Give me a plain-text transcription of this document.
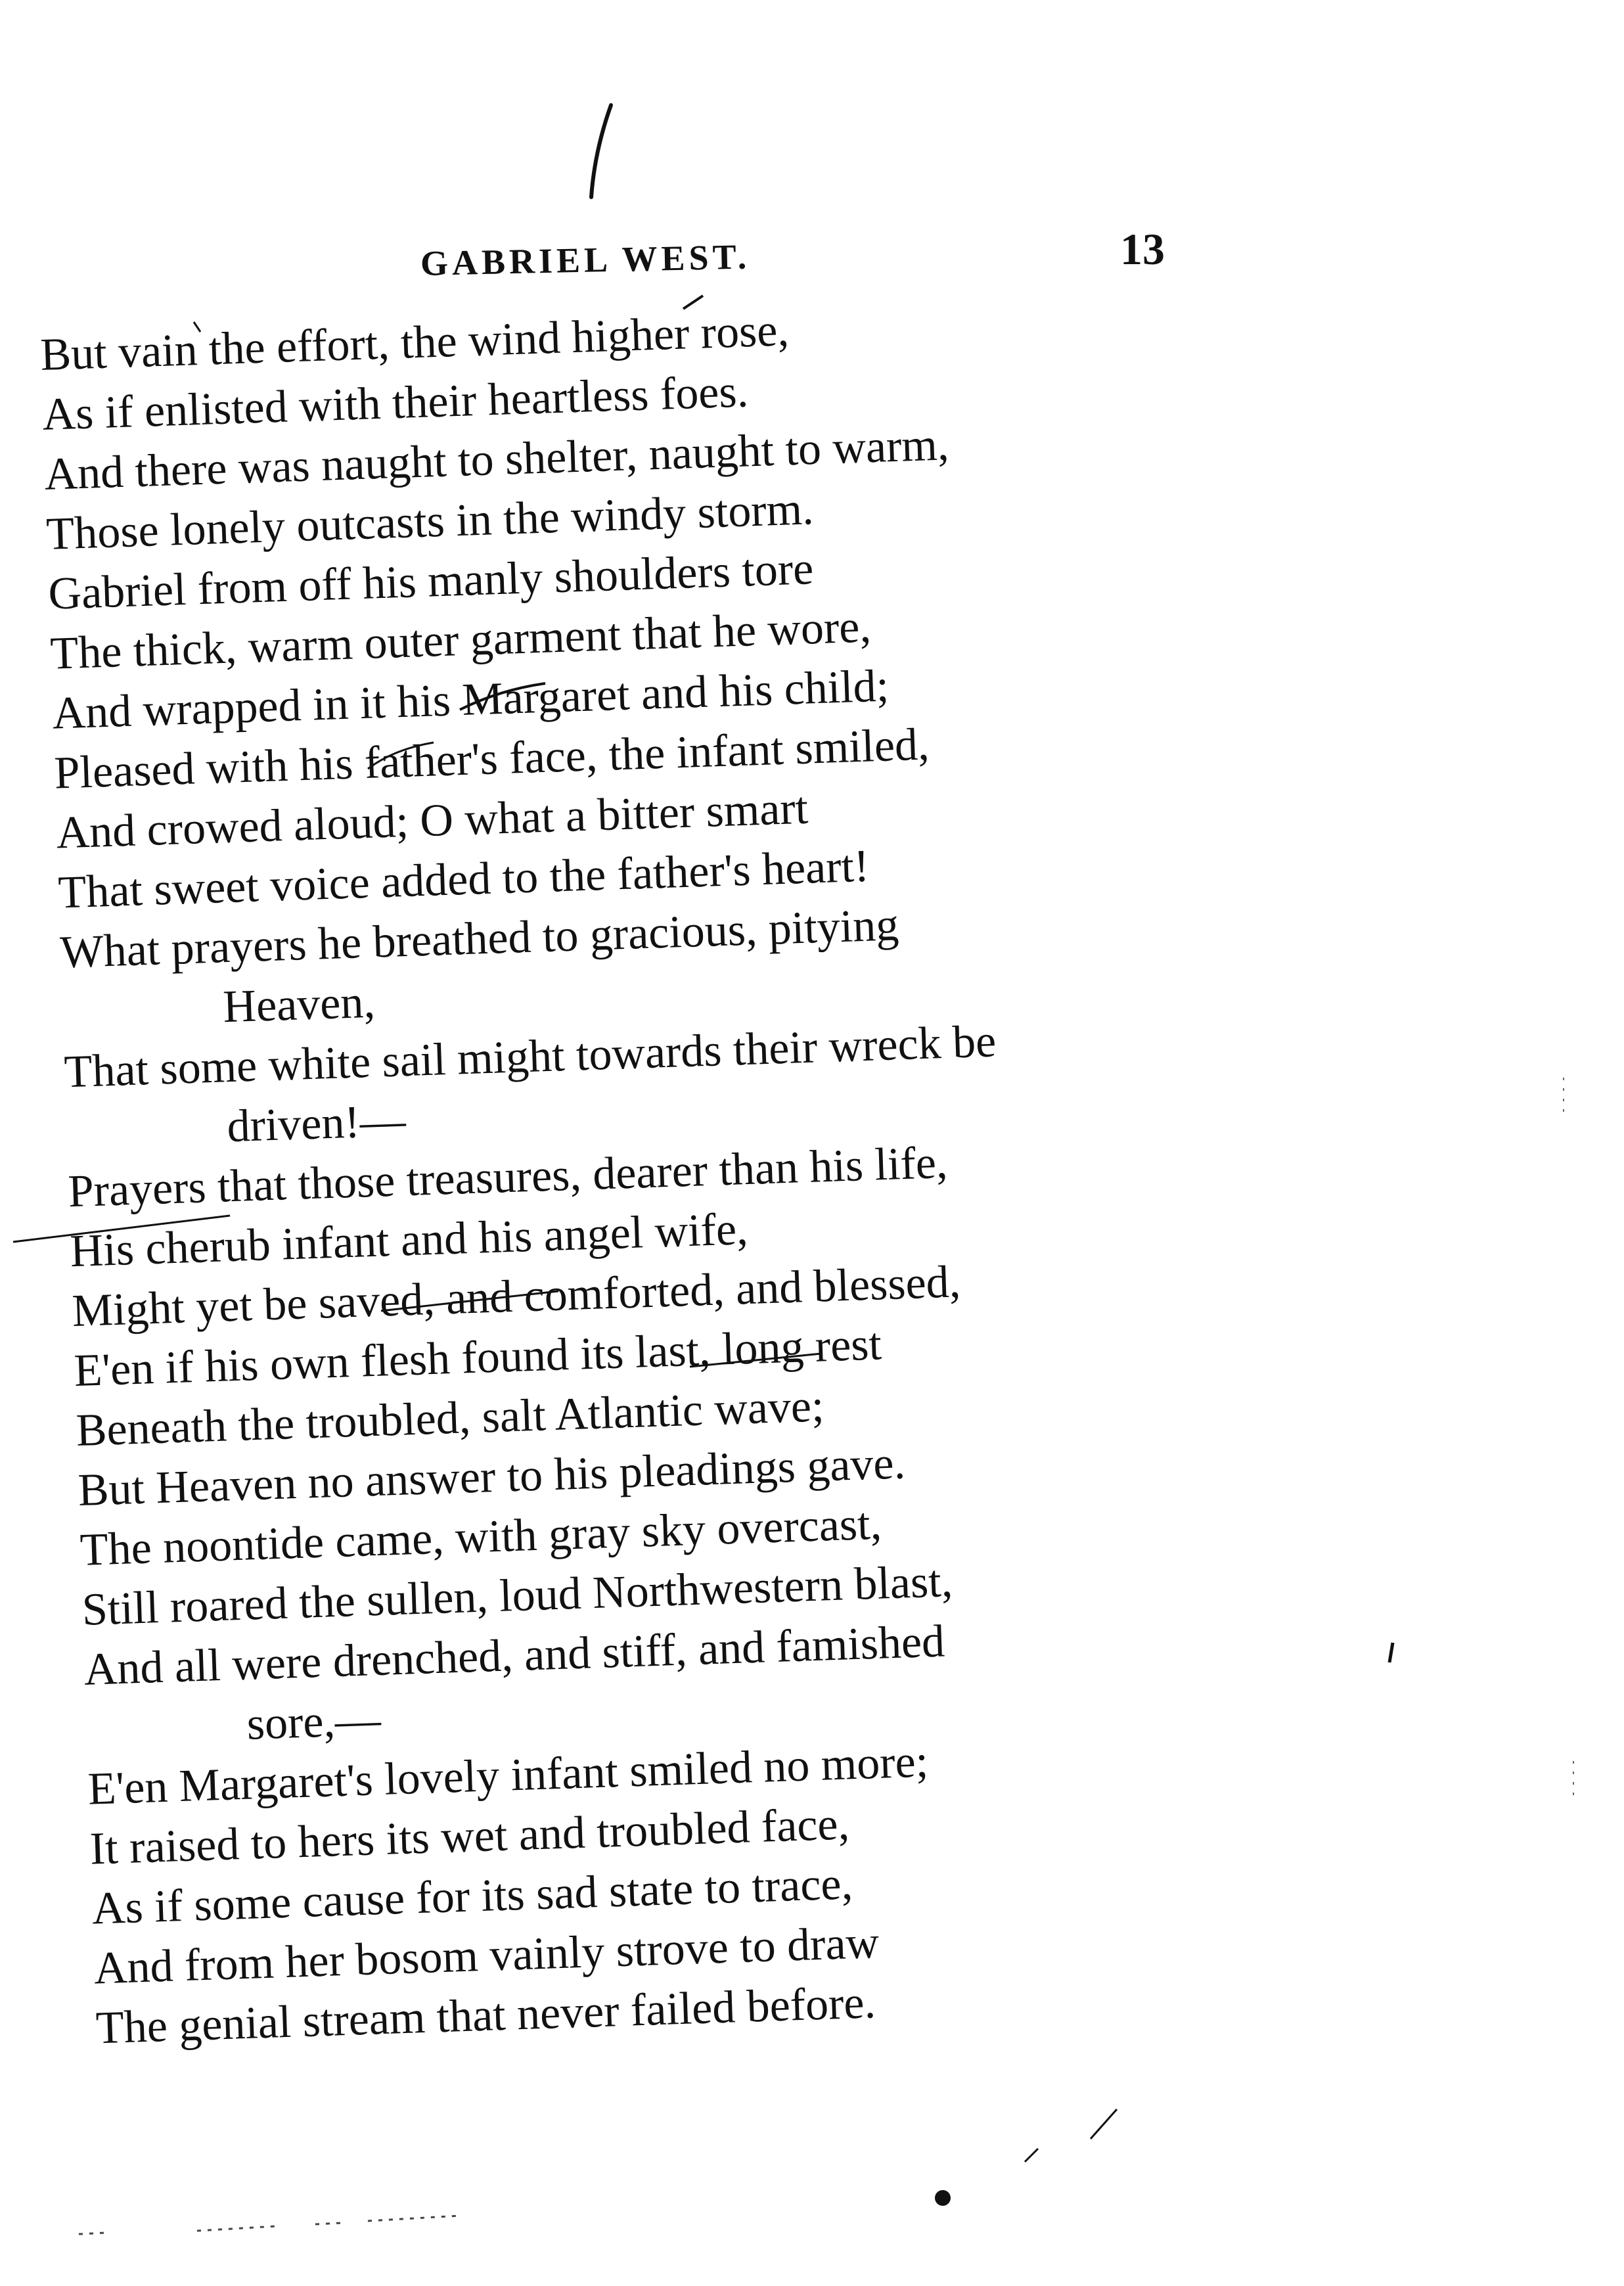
GABRIEL WEST.	13
But vain the effort, the wind higher rose,
As if enlisted with their heartless foes.
And there was naught to shelter, naught to warm,
Those lonely outcasts in the windy storm.
Gabriel from off his manly shoulders tore
The thick, warm outer garment that he wore,
And wrapped in it his Margaret and his child;
Pleased with his father's face, the infant smiled,
And crowed aloud; O what a bitter smart
That sweet voice added to the father's heart!
What prayers he breathed to gracious, pitying
Heaven,
That some white sail might towards their wreck be
driven!—
Prayers that those treasures, dearer than his life,
His cherub infant and his angel wife,
Might yet be saved, and comforted, and blessed,
E'en if his own flesh found its last, long rest
Beneath the troubled, salt Atlantic wave;
But Heaven no answer to his pleadings gave.
The noontide came, with gray sky overcast,
Still roared the sullen, loud Northwestern blast,
And all were drenched, and stiff, and famished
sore,—
E'en Margaret's lovely infant smiled no more;
It raised to hers its wet and troubled face,
As if some cause for its sad state to trace,
And from her bosom vainly strove to draw
The genial stream that never failed before.
